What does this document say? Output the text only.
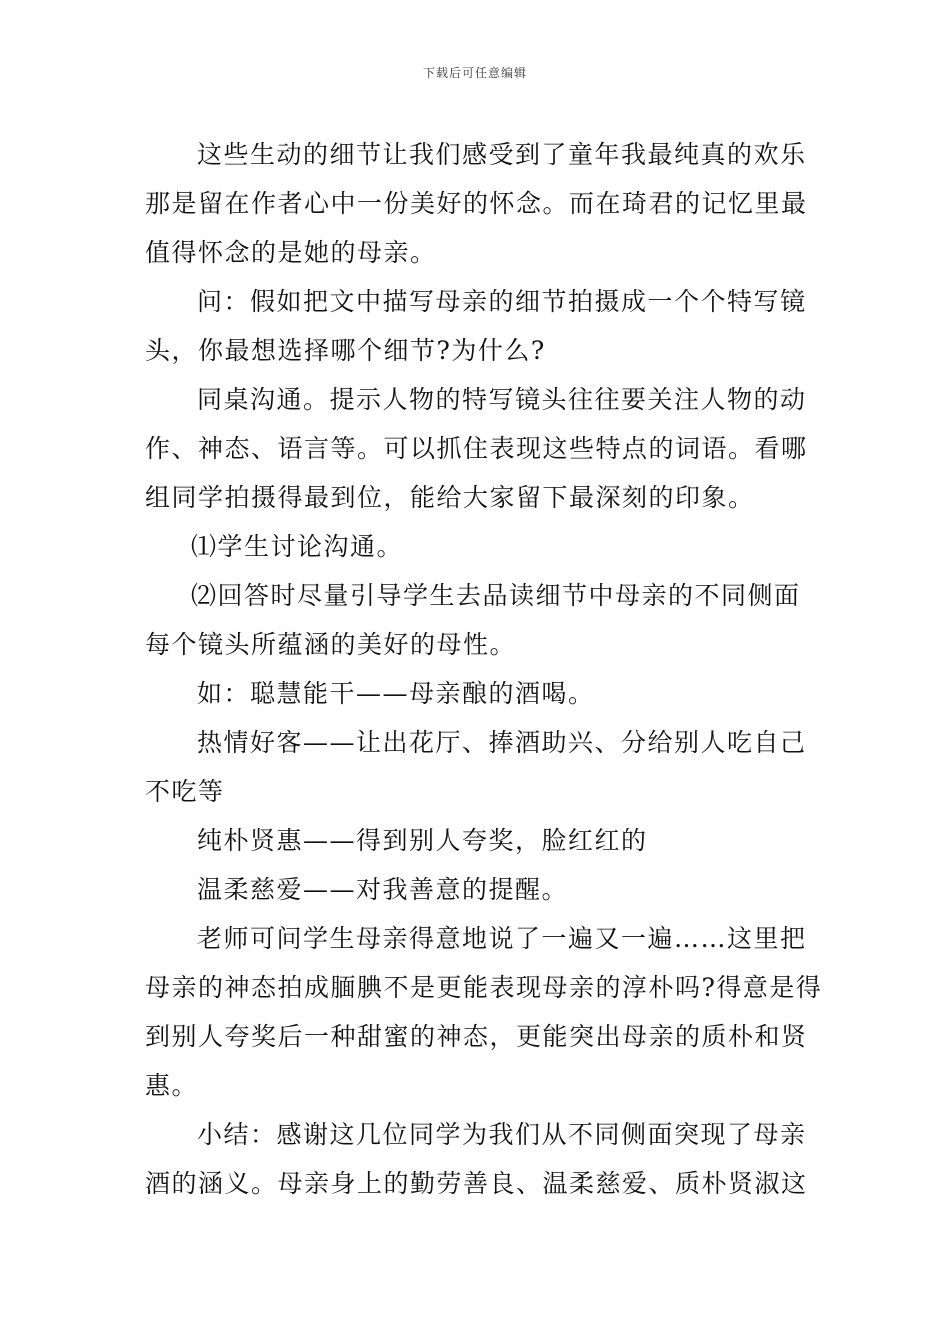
下载后可任意编辑
这些生动的细节让我们感受到了童年我最纯真的欢乐
那是留在作者心中一份美好的怀念。而在琦君的记忆里最
值得怀念的是她的母亲。
问：假如把文中描写母亲的细节拍摄成一个个特写镜
头，你最想选择哪个细节?为什么?
同桌沟通。提示人物的特写镜头往往要关注人物的动
作、神态、语言等。可以抓住表现这些特点的词语。看哪
组同学拍摄得最到位，能给大家留下最深刻的印象。
⑴学生讨论沟通。
⑵回答时尽量引导学生去品读细节中母亲的不同侧面
每个镜头所蕴涵的美好的母性。
如：聪慧能干——母亲酿的酒喝。
热情好客——让出花厅、捧酒助兴、分给别人吃自己
不吃等
纯朴贤惠——得到别人夸奖，脸红红的
温柔慈爱——对我善意的提醒。
老师可问学生母亲得意地说了一遍又一遍……这里把
母亲的神态拍成腼腆不是更能表现母亲的淳朴吗?得意是得
到别人夸奖后一种甜蜜的神态，更能突出母亲的质朴和贤
惠。
小结：感谢这几位同学为我们从不同侧面突现了母亲
酒的涵义。母亲身上的勤劳善良、温柔慈爱、质朴贤淑这
